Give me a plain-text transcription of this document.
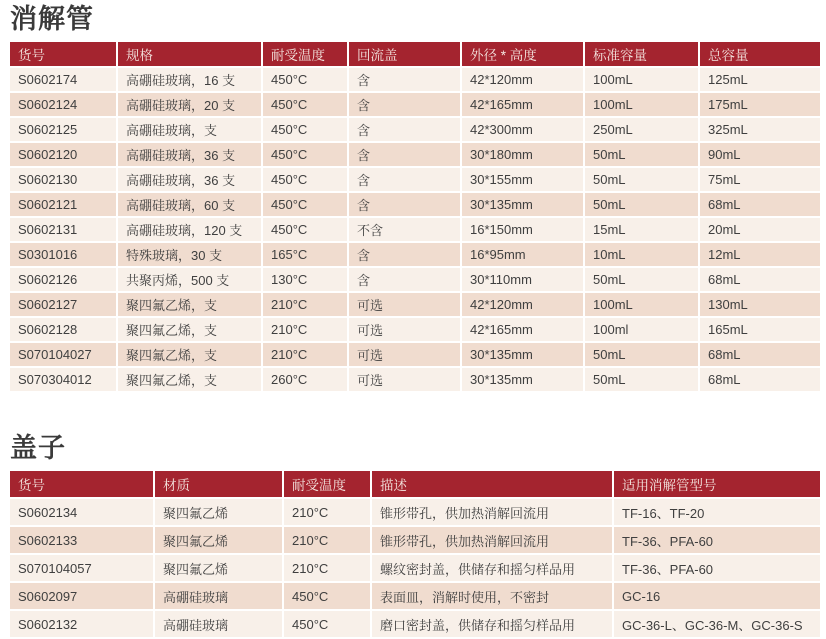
消解管
货号	规格	耐受温度	回流盖	外径 * 高度	标准容量	总容量
S0602174	高硼硅玻璃，16 支	450°C	含	42*120mm	100mL	125mL
S0602124	高硼硅玻璃，20 支	450°C	含	42*165mm	100mL	175mL
S0602125	高硼硅玻璃，支	450°C	含	42*300mm	250mL	325mL
S0602120	高硼硅玻璃，36 支	450°C	含	30*180mm	50mL	90mL
S0602130	高硼硅玻璃，36 支	450°C	含	30*155mm	50mL	75mL
S0602121	高硼硅玻璃，60 支	450°C	含	30*135mm	50mL	68mL
S0602131	高硼硅玻璃，120 支	450°C	不含	16*150mm	15mL	20mL
S0301016	特殊玻璃，30 支	165°C	含	16*95mm	10mL	12mL
S0602126	共聚丙烯，500 支	130°C	含	30*110mm	50mL	68mL
S0602127	聚四氟乙烯，支	210°C	可选	42*120mm	100mL	130mL
S0602128	聚四氟乙烯，支	210°C	可选	42*165mm	100ml	165mL
S070104027	聚四氟乙烯，支	210°C	可选	30*135mm	50mL	68mL
S070304012	聚四氟乙烯，支	260°C	可选	30*135mm	50mL	68mL
盖子
货号	材质	耐受温度	描述	适用消解管型号
S0602134	聚四氟乙烯	210°C	锥形带孔，供加热消解回流用	TF-16、TF-20
S0602133	聚四氟乙烯	210°C	锥形带孔，供加热消解回流用	TF-36、PFA-60
S070104057	聚四氟乙烯	210°C	螺纹密封盖，供储存和摇匀样品用	TF-36、PFA-60
S0602097	高硼硅玻璃	450°C	表面皿，消解时使用，不密封	GC-16
S0602132	高硼硅玻璃	450°C	磨口密封盖，供储存和摇匀样品用	GC-36-L、GC-36-M、GC-36-S
